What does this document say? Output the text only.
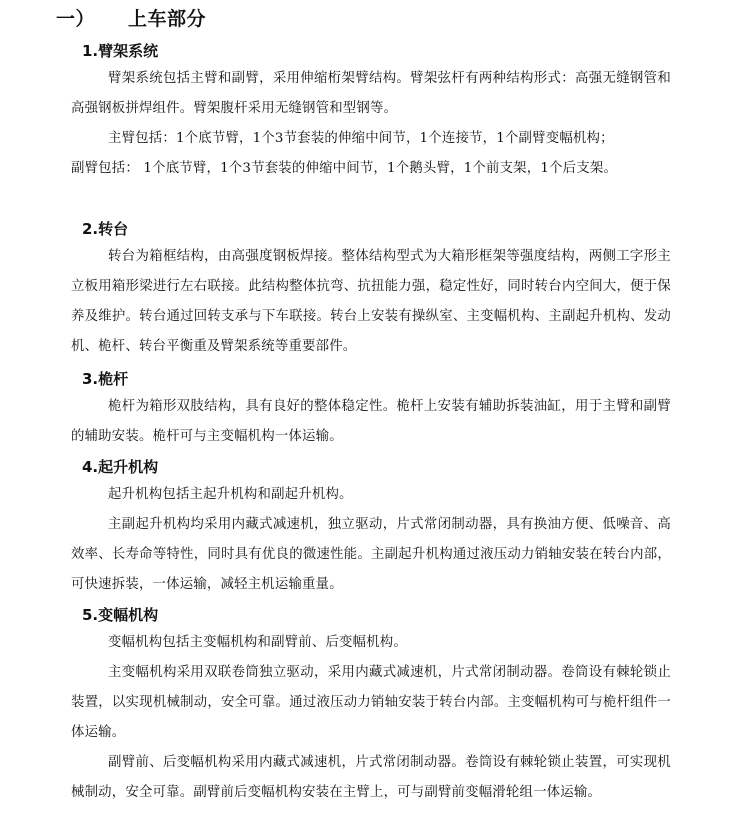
一） 上车部分
1.臂架系统

臂架系统包括主臂和副臂，采用伸缩桁架臂结构。臂架弦杆有两种结构形式：高强无缝钢管和高强钢板拼焊组件。臂架腹杆采用无缝钢管和型钢等。

主臂包括：1个底节臂，1个3节套装的伸缩中间节，1个连接节，1个副臂变幅机构；

副臂包括： 1个底节臂，1个3节套装的伸缩中间节，1个鹅头臂，1个前支架，1个后支架。

2.转台

转台为箱框结构，由高强度钢板焊接。整体结构型式为大箱形框架等强度结构，两侧工字形主立板用箱形梁进行左右联接。此结构整体抗弯、抗扭能力强，稳定性好，同时转台内空间大，便于保养及维护。转台通过回转支承与下车联接。转台上安装有操纵室、主变幅机构、主副起升机构、发动机、桅杆、转台平衡重及臂架系统等重要部件。

3.桅杆

桅杆为箱形双肢结构，具有良好的整体稳定性。桅杆上安装有辅助拆装油缸，用于主臂和副臂的辅助安装。桅杆可与主变幅机构一体运输。

4.起升机构

起升机构包括主起升机构和副起升机构。

主副起升机构均采用内藏式减速机，独立驱动，片式常闭制动器，具有换油方便、低噪音、高效率、长寿命等特性，同时具有优良的微速性能。主副起升机构通过液压动力销轴安装在转台内部，可快速拆装，一体运输，减轻主机运输重量。

5.变幅机构

变幅机构包括主变幅机构和副臂前、后变幅机构。

主变幅机构采用双联卷筒独立驱动，采用内藏式减速机，片式常闭制动器。卷筒设有棘轮锁止装置，以实现机械制动，安全可靠。通过液压动力销轴安装于转台内部。主变幅机构可与桅杆组件一体运输。

副臂前、后变幅机构采用内藏式减速机，片式常闭制动器。卷筒设有棘轮锁止装置，可实现机械制动，安全可靠。副臂前后变幅机构安装在主臂上，可与副臂前变幅滑轮组一体运输。
